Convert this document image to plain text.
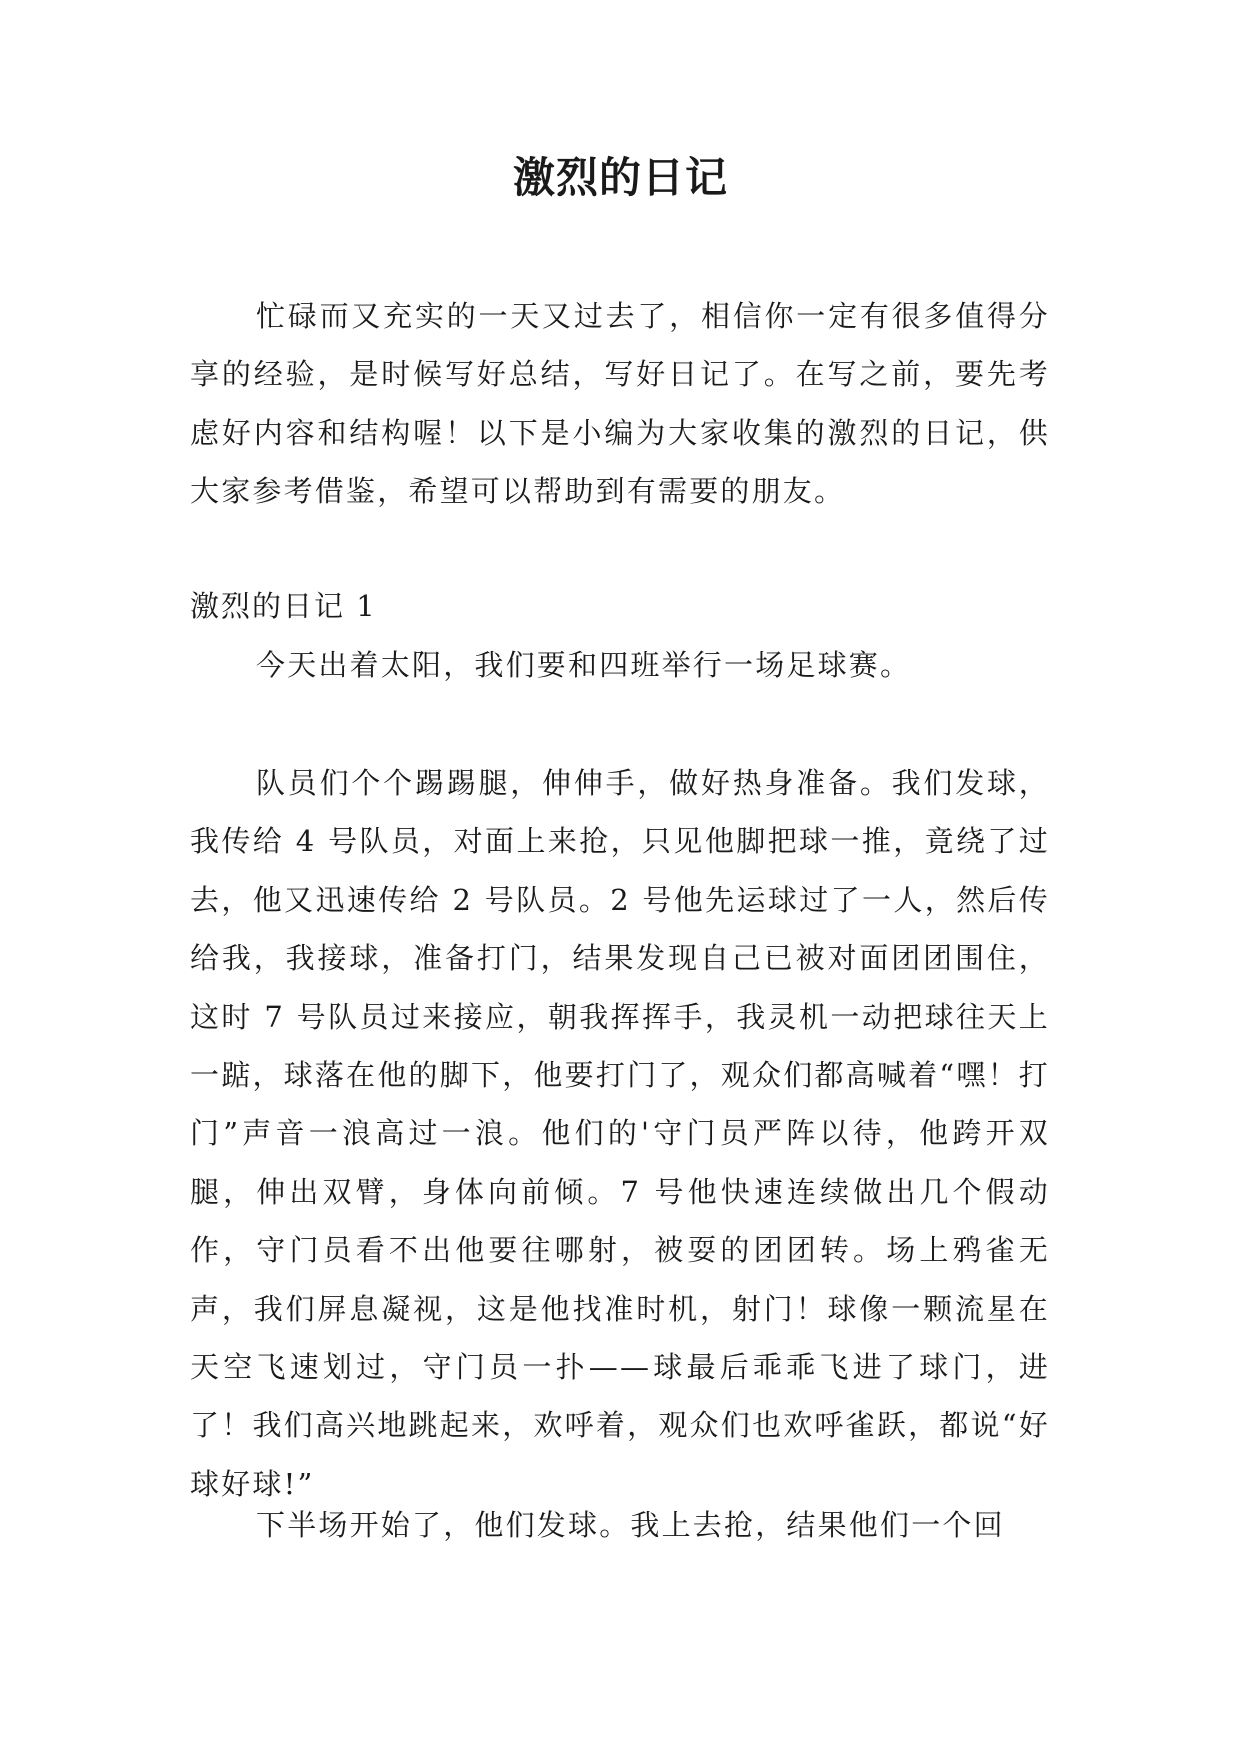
激烈的日记

忙碌而又充实的一天又过去了，相信你一定有很多值得分享的经验，是时候写好总结，写好日记了。在写之前，要先考虑好内容和结构喔！以下是小编为大家收集的激烈的日记，供大家参考借鉴，希望可以帮助到有需要的朋友。

激烈的日记 1

今天出着太阳，我们要和四班举行一场足球赛。

队员们个个踢踢腿，伸伸手，做好热身准备。我们发球，我传给 4 号队员，对面上来抢，只见他脚把球一推，竟绕了过去，他又迅速传给 2 号队员。2 号他先运球过了一人，然后传给我，我接球，准备打门，结果发现自己已被对面团团围住，这时 7 号队员过来接应，朝我挥挥手，我灵机一动把球往天上一踮，球落在他的脚下，他要打门了，观众们都高喊着“嘿！打门”声音一浪高过一浪。他们的'守门员严阵以待，他跨开双腿，伸出双臂，身体向前倾。7 号他快速连续做出几个假动作，守门员看不出他要往哪射，被耍的团团转。场上鸦雀无声，我们屏息凝视，这是他找准时机，射门！球像一颗流星在天空飞速划过，守门员一扑——球最后乖乖飞进了球门，进了！我们高兴地跳起来，欢呼着，观众们也欢呼雀跃，都说“好球好球!”

下半场开始了，他们发球。我上去抢，结果他们一个回
